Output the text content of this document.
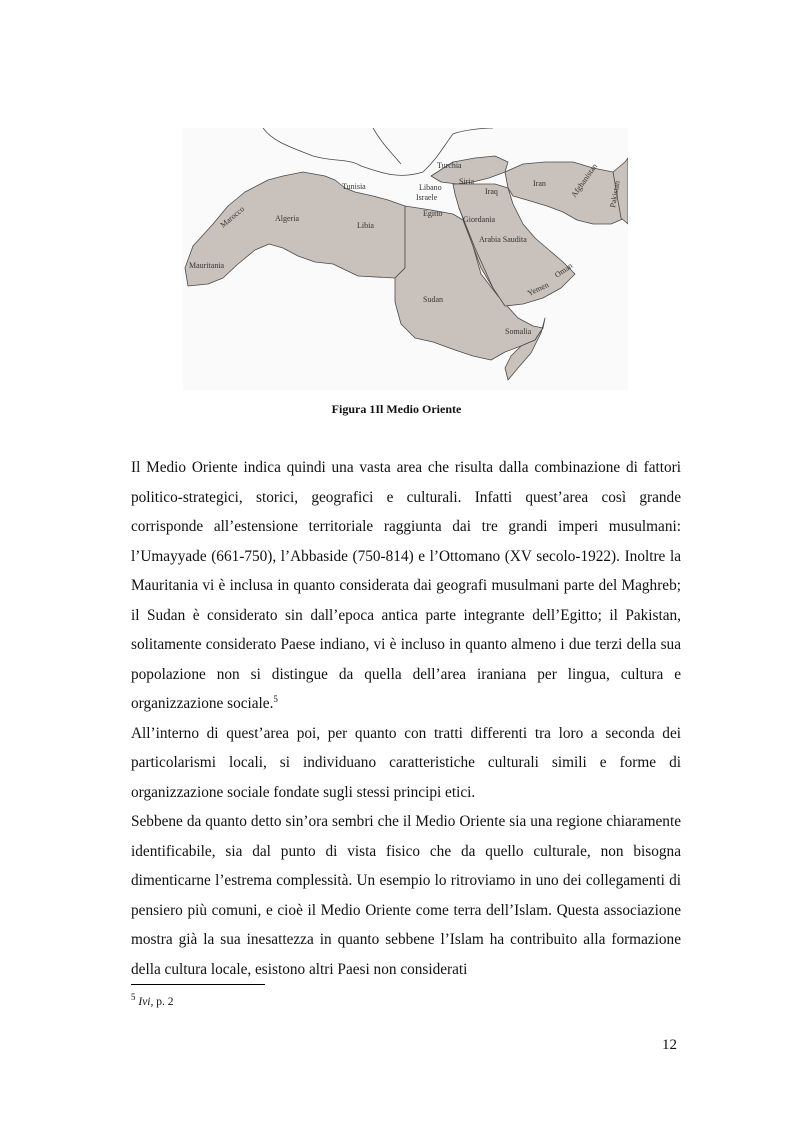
Turchia
Iran	Afghanistan Pakistan
Tunisia	Libano
Siria
Israele
Iraq
Egitto
Giordania
Marocco	Algeria
Libia
Arabia Saudita
Mauritania
Sudan
Oman
Yemen
Somalia
Figura 1Il Medio Oriente

Il Medio Oriente indica quindi una vasta area che risulta dalla combinazione di fattori politico-strategici, storici, geografici e culturali. Infatti quest’area così grande corrisponde all’estensione territoriale raggiunta dai tre grandi imperi musulmani: l’Umayyade (661-750), l’Abbaside (750-814) e l’Ottomano (XV secolo-1922). Inoltre la Mauritania vi è inclusa in quanto considerata dai geografi musulmani parte del Maghreb; il Sudan è considerato sin dall’epoca antica parte integrante dell’Egitto; il Pakistan, solitamente considerato Paese indiano, vi è incluso in quanto almeno i due terzi della sua popolazione non si distingue da quella dell’area iraniana per lingua, cultura e organizzazione sociale.$^5$

All’interno di quest’area poi, per quanto con tratti differenti tra loro a seconda dei particolarismi locali, si individuano caratteristiche culturali simili e forme di organizzazione sociale fondate sugli stessi principi etici.

Sebbene da quanto detto sin’ora sembri che il Medio Oriente sia una regione chiaramente identificabile, sia dal punto di vista fisico che da quello culturale, non bisogna dimenticarne l’estrema complessità. Un esempio lo ritroviamo in uno dei collegamenti di pensiero più comuni, e cioè il Medio Oriente come terra dell’Islam. Questa associazione mostra già la sua inesattezza in quanto sebbene l’Islam ha contribuito alla formazione della cultura locale, esistono altri Paesi non considerati

$^5$ Ivi, p. 2
12
